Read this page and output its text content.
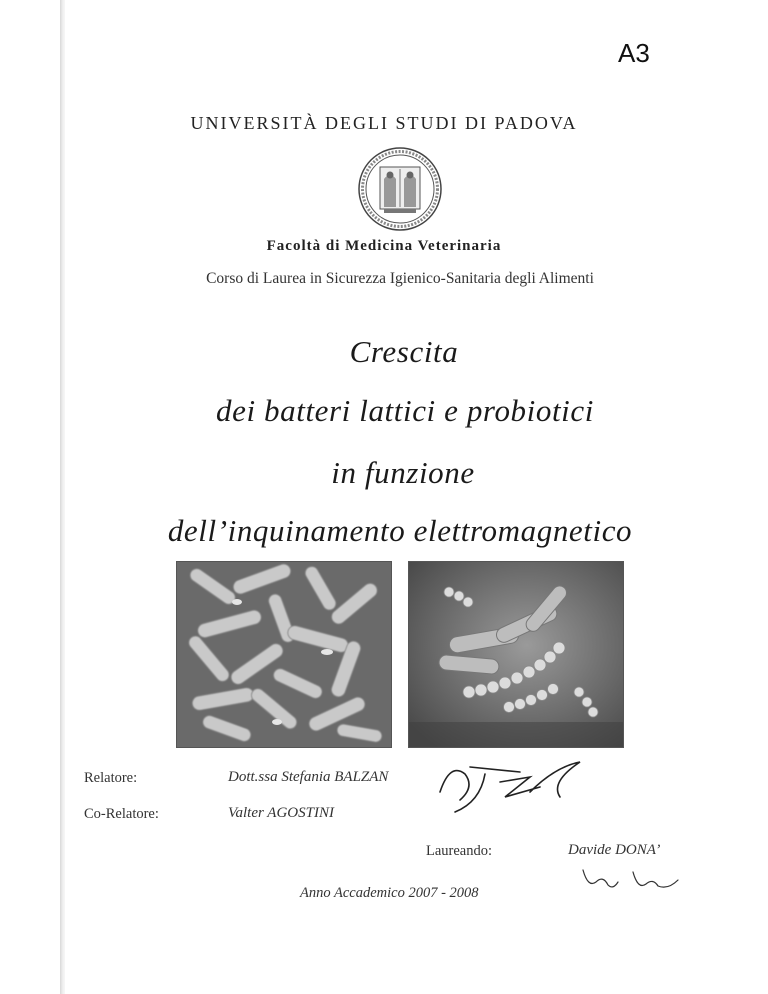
A3
UNIVERSITÀ DEGLI STUDI DI PADOVA
Facoltà di Medicina Veterinaria
Corso di Laurea in Sicurezza Igienico-Sanitaria degli Alimenti
Crescita
dei batteri lattici e probiotici
in funzione
dell’inquinamento elettromagnetico
Relatore:	Dott.ssa Stefania BALZAN
Co-Relatore:	Valter AGOSTINI
Laureando:	Davide DONA’
Anno Accademico 2007 - 2008
